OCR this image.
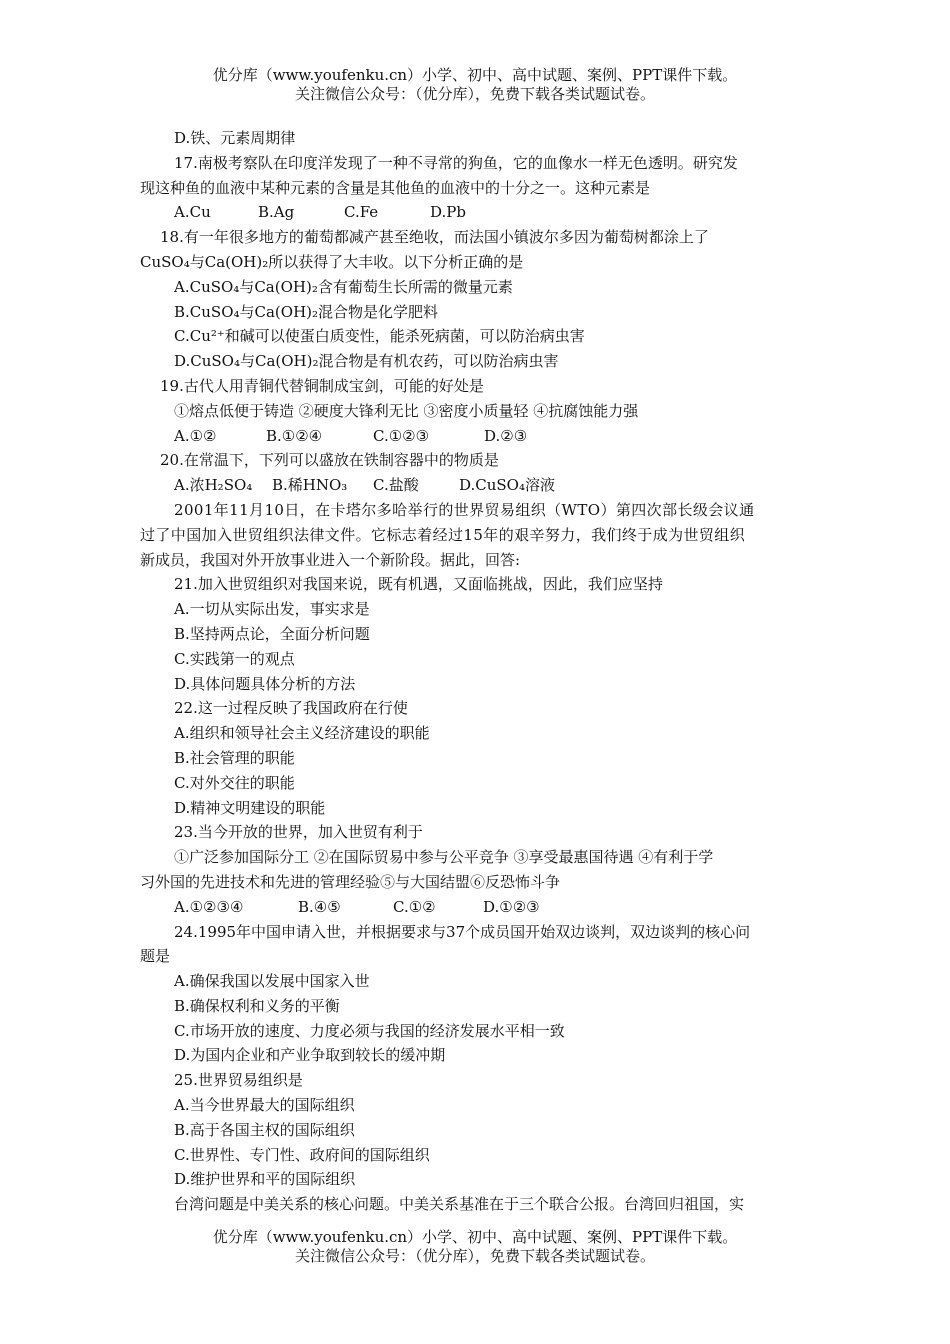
优分库（www.youfenku.cn）小学、初中、高中试题、案例、PPT课件下载。
关注微信公众号：（优分库），免费下载各类试题试卷。
D.铁、元素周期律
17.南极考察队在印度洋发现了一种不寻常的狗鱼，它的血像水一样无色透明。研究发
现这种鱼的血液中某种元素的含量是其他鱼的血液中的十分之一。这种元素是
A.Cu	B.Ag	C.Fe	D.Pb
18.有一年很多地方的葡萄都减产甚至绝收，而法国小镇波尔多因为葡萄树都涂上了
CuSO₄与Ca(OH)₂所以获得了大丰收。以下分析正确的是
A.CuSO₄与Ca(OH)₂含有葡萄生长所需的微量元素
B.CuSO₄与Ca(OH)₂混合物是化学肥料
C.Cu²⁺和碱可以使蛋白质变性，能杀死病菌，可以防治病虫害
D.CuSO₄与Ca(OH)₂混合物是有机农药，可以防治病虫害
19.古代人用青铜代替铜制成宝剑，可能的好处是
①熔点低便于铸造 ②硬度大锋利无比 ③密度小质量轻 ④抗腐蚀能力强
A.①②	B.①②④	C.①②③	D.②③
20.在常温下，下列可以盛放在铁制容器中的物质是
A.浓H₂SO₄ B.稀HNO₃ C.盐酸	D.CuSO₄溶液
2001年11月10日，在卡塔尔多哈举行的世界贸易组织（WTO）第四次部长级会议通
过了中国加入世贸组织法律文件。它标志着经过15年的艰辛努力，我们终于成为世贸组织
新成员，我国对外开放事业进入一个新阶段。据此，回答:
21.加入世贸组织对我国来说，既有机遇，又面临挑战，因此，我们应坚持
A.一切从实际出发，事实求是
B.坚持两点论，全面分析问题
C.实践第一的观点
D.具体问题具体分析的方法
22.这一过程反映了我国政府在行使
A.组织和领导社会主义经济建设的职能
B.社会管理的职能
C.对外交往的职能
D.精神文明建设的职能
23.当今开放的世界，加入世贸有利于
①广泛参加国际分工 ②在国际贸易中参与公平竞争 ③享受最惠国待遇 ④有利于学
习外国的先进技术和先进的管理经验⑤与大国结盟⑥反恐怖斗争
A.①②③④	B.④⑤	C.①②	D.①②③
24.1995年中国申请入世，并根据要求与37个成员国开始双边谈判，双边谈判的核心问
题是
A.确保我国以发展中国家入世
B.确保权利和义务的平衡
C.市场开放的速度、力度必须与我国的经济发展水平相一致
D.为国内企业和产业争取到较长的缓冲期
25.世界贸易组织是
A.当今世界最大的国际组织
B.高于各国主权的国际组织
C.世界性、专门性、政府间的国际组织
D.维护世界和平的国际组织
台湾问题是中美关系的核心问题。中美关系基准在于三个联合公报。台湾回归祖国，实
优分库（www.youfenku.cn）小学、初中、高中试题、案例、PPT课件下载。
关注微信公众号：（优分库），免费下载各类试题试卷。
